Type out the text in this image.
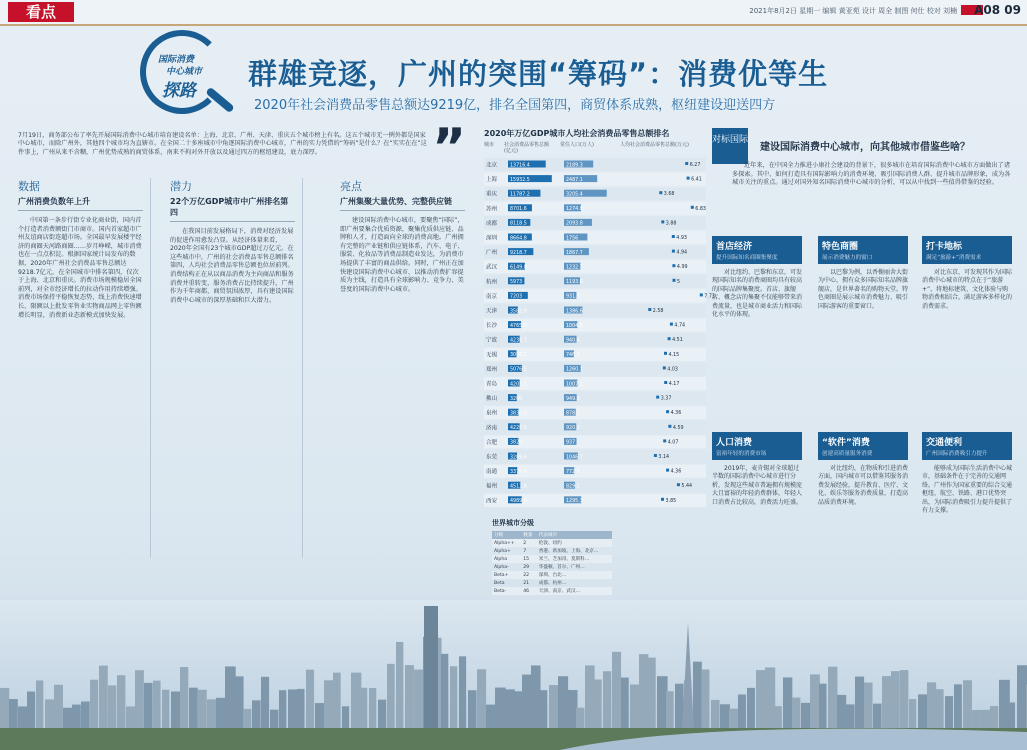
看点	2021年8月2日 星期一 编辑 黄亚苑 设计 周全 制图 何仕 校对 刘楠 A08 09
国际消费
中心城市
探路 群雄竞逐，广州的突围“筹码”：消费优等生
2020年社会消费品零售总额达9219亿，排名全国第四，商贸体系成熟，枢纽建设迎送四方
7月19日，商务部公布了率先开展国际消费中心城市培育建设名单：上海、北京、广州、天津、重庆五个城市榜上有名。这五个城市无一例外都是国家中心城市，而除广州外，其他四个城市均为直辖市。在全国二十多座城市中角逐国际消费中心城市，广州的实力凭借的“筹码”是什么？在“实实在在”这件事上，广州从来不含糊，广州优势成熟的商贸体系，南来不拘对外开放以及通过四方的枢纽建设，底力深厚。	”
数据
广州消费负数年上升
中国第一条步行街专业化商业街，国内首个打造者消费额街门市商市。国内首家超市广州友谊商店街连超市场。全国最早发展楼宇经济的商圈天河路商圈……岁月峥嵘，城市消费也在一点点积淀。根据国家统计局发布的数据，2020年广州社会消费品零售总额达9218.7亿元，在全国城市中排名第四，仅次于上海、北京和重庆。消费市场规模稳居全国前列，对全市经济增长的拉动作用持续增强。消费市场保持平稳恢复态势，线上消费快速增长，限额以上批发零售业实物商品网上零售额增长明显，消费新业态新模式加快发展。
潜力
22个万亿GDP城市中广州排名第四
在我国目前发展格局下，消费对经济发展的促进作用愈发凸显。从经济体量来看，2020年全国有23个城市GDP超过万亿元。在这些城市中，广州的社会消费品零售总额排名第四，人均社会消费品零售总额也位居前列。消费结构正在从以商品消费为主向商品和服务消费并重转变，服务消费占比持续提升，广州作为千年商都，商贸氛围浓厚，具有建设国际消费中心城市的深厚基础和巨大潜力。
亮点
广州集聚大量优势、完整供应链
建设国际消费中心城市，要聚焦“国际”，即广州要集合优质资源，聚集优质供应链、品牌和人才，打造面向全球的消费高地。广州拥有完整的产业链和供应链体系，汽车、电子、服装、化妆品等消费品制造业发达，为消费市场提供了丰富的商品供给。同时，广州正在加快建设国际消费中心城市，以推动消费扩容提质为主线，打造具有全球影响力、竞争力、美誉度的国际消费中心城市。
2020年万亿GDP城市人均社会消费品零售总额排名
城市	社会消费品零售总额(亿元)
常住人口(万人)	人均社会消费品零售总额(万元)
北京	13716.4	2189.3	6.27
上海	15932.5	2487.1	6.41
重庆	11787.2	3205.4	3.68
苏州	8701.6	1274.8	6.83
成都	8118.5	2093.8	3.88
深圳	8664.8	1756	4.93
广州	9218.7	1867.7	4.94
武汉	6149.8	1232.7	4.99
杭州	5973	1193.6	5
南京	7203	931.5	7.73
天津	3582.9	1386.6	2.58
长沙	4765.5	1004.8	4.74
宁波	4238.3	940.4	4.51
无锡	3096.2	746.2	4.15
郑州	5076.5	1260.1	4.03
青岛	4203.1	1007.2	4.17
佛山	3200	949.9	3.37
泉州	3830.8	878.2	4.36
济南	4226.5	920.2	4.59
合肥	3820	937	4.07
东莞	3289.6	1046.7	3.14
南通	3370.4	772.7	4.36
福州	4513.8	829.1	5.44
西安	4989.3	1295.3	3.85
世界城市分级
分级	数量	代表城市
Alpha++	2	伦敦、纽约
Alpha+	7	香港、新加坡、上海、北京…
Alpha	15	米兰、芝加哥、莫斯科…
Alpha-	29	华盛顿、首尔、广州…
Beta+	22	深圳、台北…
Beta	21	成都、杭州…
Beta-	46	天津、南京、武汉…
对标国际
建设国际消费中心城市，向其他城市借鉴些啥？
近年来，在中国全力推进小康社会建设的背景下，很多城市在培育国际消费中心城市方面做出了诸多探索。其中，如何打造具有国际影响力的消费环境、吸引国际消费人群、提升城市品牌形象，成为各城市关注的重点。通过对国外知名国际消费中心城市的分析，可以从中找到一些值得借鉴的经验。
首店经济
提升国际知名商圈集聚度
对比纽约、巴黎和东京，可发现国际知名的消费商圈均具有较高的国际品牌集聚度。首店、旗舰店、概念店的集聚不仅能够带来消费流量，也是城市商业活力和国际化水平的体现。
特色商圈
展示消费魅力的窗口
以巴黎为例，以香榭丽舍大街为中心，拥有众多国际知名品牌旗舰店，是世界著名的购物天堂。特色商圈是展示城市消费魅力、吸引国际游客的重要窗口。
打卡地标
满足“旅游+”消费需求
对比东京，可发现其作为国际消费中心城市的特点在于“旅游+”，将地标建筑、文化体验与购物消费相结合，满足游客多样化的消费需求。
人口消费
富裕年轻的消费市场
2019年，麦肯锡对全球超过半数的国际消费中心城市进行分析，发现这些城市普遍拥有规模庞大且富裕的年轻消费群体，年轻人口消费占比较高，消费活力旺盛。
“软件”消费
创建高质量服务消费
对比纽约，在物质和引进消费方面，国内城市可以借鉴其服务消费发展经验，提升教育、医疗、文化、娱乐等服务消费质量，打造高品质消费环境。
交通便利
广州国际消费吸引力提升
能够成为国际生活消费中心城市，基础条件在于完善的交通网络。广州作为国家重要的综合交通枢纽，航空、铁路、港口优势突出，为国际消费吸引力提升提供了有力支撑。
